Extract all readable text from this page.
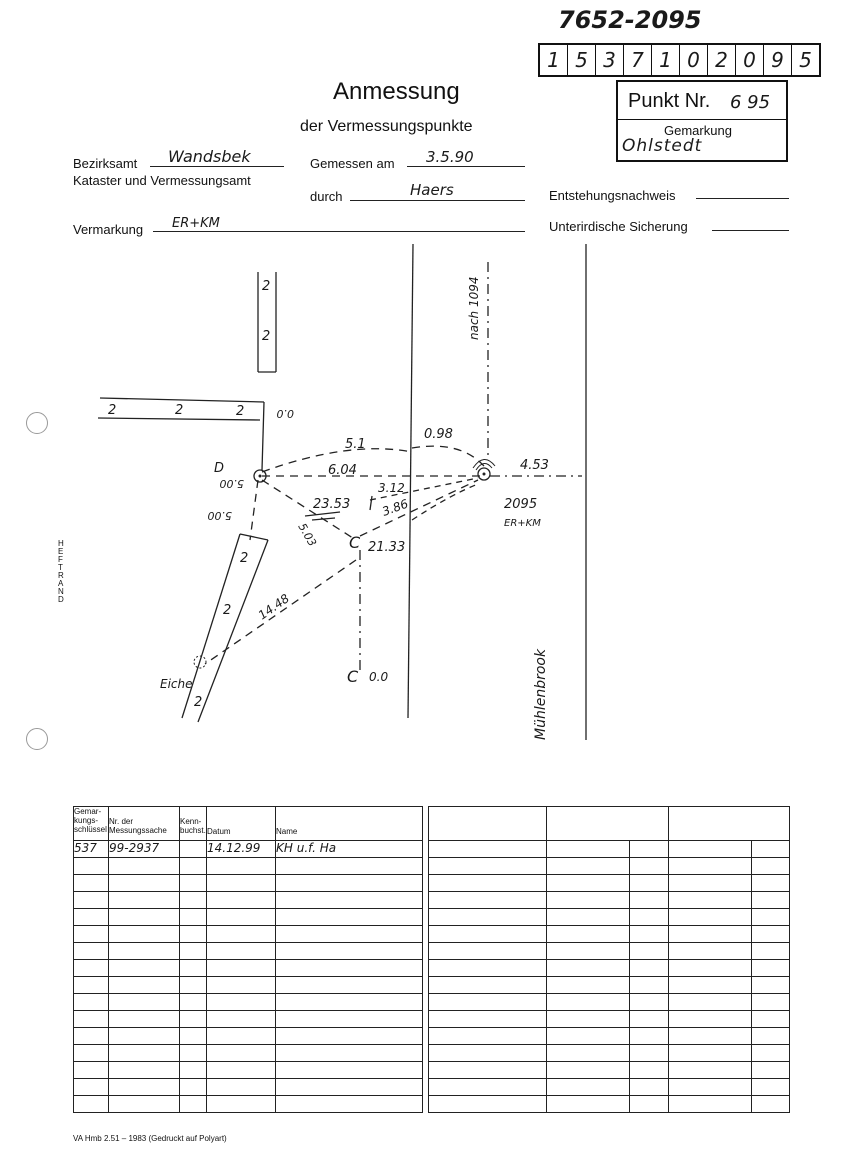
7652-2095
1 5 3 7 1 0 2 0 9 5
Anmessung
der Vermessungspunkte
Punkt Nr. 6 95
Gemarkung
Ohlstedt
Bezirksamt Wandsbek
Kataster und Vermessungsamt
Gemessen am 3.5.90
durch	Haers	Entstehungsnachweis
Vermarkung ER+KM	Unterirdische Sicherung
HEFTRAND
nach 1094
5.1
0.98
6.04	4.53
3.12
23.53	3.86
21.33
14.48
0.0
5.00
5.03
5.00
2095
ER+KM
D
C
C 0.0
Eiche	Mühlenbrook
2
2
2	2	2
2
2
2
Gemar-kungs-schlüssel	Nr. der Messungssache	Kenn-buchst.	Datum	Name

537	99-2937		14.12.99	KH u.f. Ha

VA Hmb 2.51 – 1983 (Gedruckt auf Polyart)
